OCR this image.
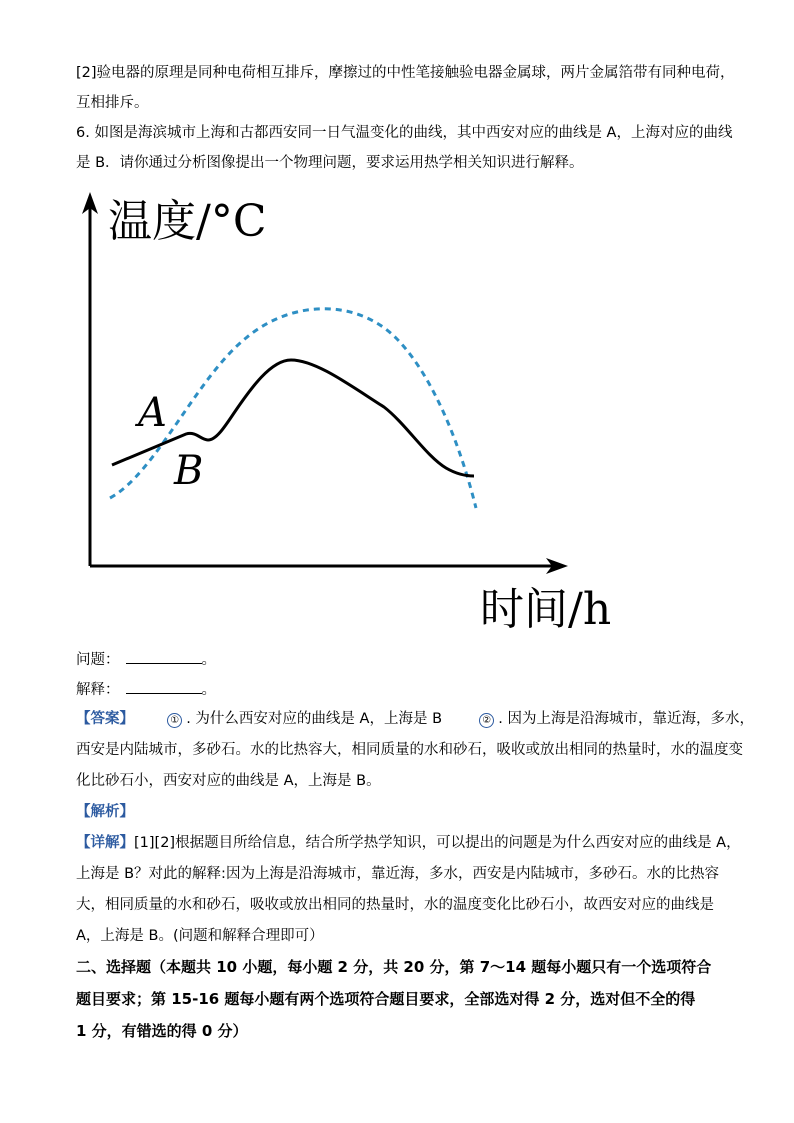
[2]验电器的原理是同种电荷相互排斥，摩擦过的中性笔接触验电器金属球，两片金属箔带有同种电荷，
互相排斥。
6. 如图是海滨城市上海和古都西安同一日气温变化的曲线，其中西安对应的曲线是 A，上海对应的曲线
是 B．请你通过分析图像提出一个物理问题，要求运用热学相关知识进行解释。
温度/°C
时间/h
A
B
问题：	。
解释：	。
【答案】	① . 为什么西安对应的曲线是 A，上海是 B	② . 因为上海是沿海城市，靠近海，多水，
西安是内陆城市，多砂石。水的比热容大，相同质量的水和砂石，吸收或放出相同的热量时，水的温度变
化比砂石小，西安对应的曲线是 A，上海是 B。
【解析】
【详解】[1][2]根据题目所给信息，结合所学热学知识，可以提出的问题是为什么西安对应的曲线是 A，
上海是 B？对此的解释:因为上海是沿海城市，靠近海，多水，西安是内陆城市，多砂石。水的比热容
大，相同质量的水和砂石，吸收或放出相同的热量时，水的温度变化比砂石小，故西安对应的曲线是
A，上海是 B。(问题和解释合理即可）
二、选择题（本题共 10 小题，每小题 2 分，共 20 分，第 7～14 题每小题只有一个选项符合
题目要求；第 15-16 题每小题有两个选项符合题目要求，全部选对得 2 分，选对但不全的得
1 分，有错选的得 0 分）
